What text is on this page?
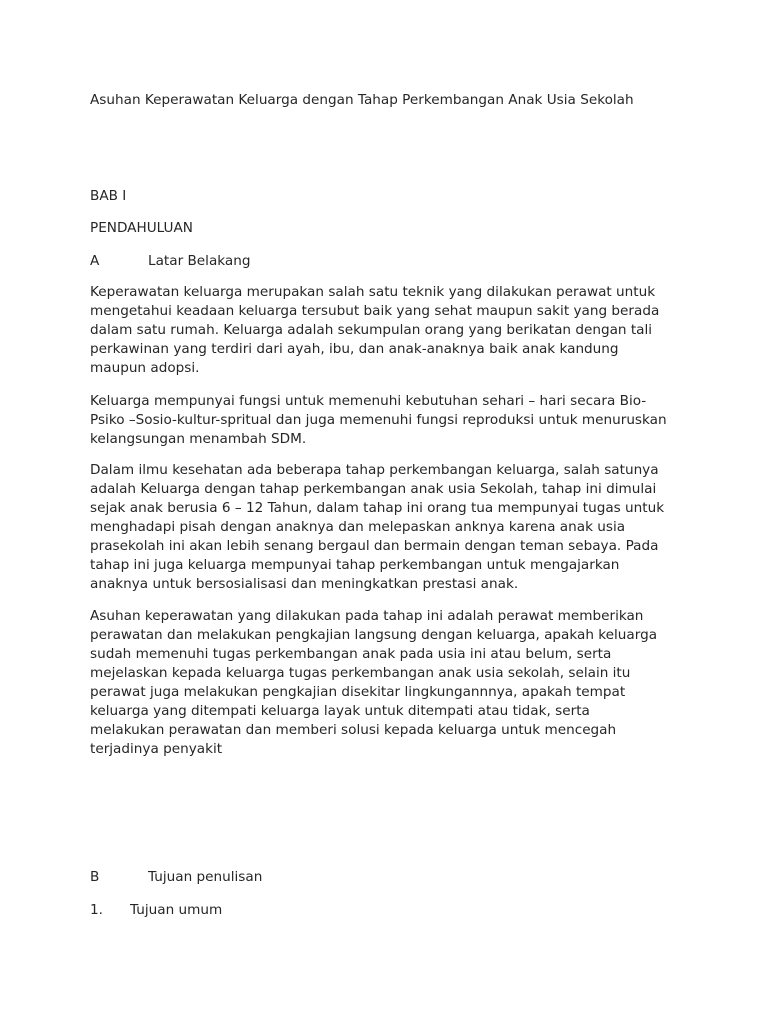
Asuhan Keperawatan Keluarga dengan Tahap Perkembangan Anak Usia Sekolah
BAB I
PENDAHULUAN
A	Latar Belakang
Keperawatan keluarga merupakan salah satu teknik yang dilakukan perawat untuk
mengetahui keadaan keluarga tersubut baik yang sehat maupun sakit yang berada
dalam satu rumah. Keluarga adalah sekumpulan orang yang berikatan dengan tali
perkawinan yang terdiri dari ayah, ibu, dan anak-anaknya baik anak kandung
maupun adopsi.
Keluarga mempunyai fungsi untuk memenuhi kebutuhan sehari – hari secara Bio-
Psiko –Sosio-kultur-spritual dan juga memenuhi fungsi reproduksi untuk menuruskan
kelangsungan menambah SDM.
Dalam ilmu kesehatan ada beberapa tahap perkembangan keluarga, salah satunya
adalah Keluarga dengan tahap perkembangan anak usia Sekolah, tahap ini dimulai
sejak anak berusia 6 – 12 Tahun, dalam tahap ini orang tua mempunyai tugas untuk
menghadapi pisah dengan anaknya dan melepaskan anknya karena anak usia
prasekolah ini akan lebih senang bergaul dan bermain dengan teman sebaya. Pada
tahap ini juga keluarga mempunyai tahap perkembangan untuk mengajarkan
anaknya untuk bersosialisasi dan meningkatkan prestasi anak.
Asuhan keperawatan yang dilakukan pada tahap ini adalah perawat memberikan
perawatan dan melakukan pengkajian langsung dengan keluarga, apakah keluarga
sudah memenuhi tugas perkembangan anak pada usia ini atau belum, serta
mejelaskan kepada keluarga tugas perkembangan anak usia sekolah, selain itu
perawat juga melakukan pengkajian disekitar lingkungannnya, apakah tempat
keluarga yang ditempati keluarga layak untuk ditempati atau tidak, serta
melakukan perawatan dan memberi solusi kepada keluarga untuk mencegah
terjadinya penyakit
B	Tujuan penulisan
1. Tujuan umum
